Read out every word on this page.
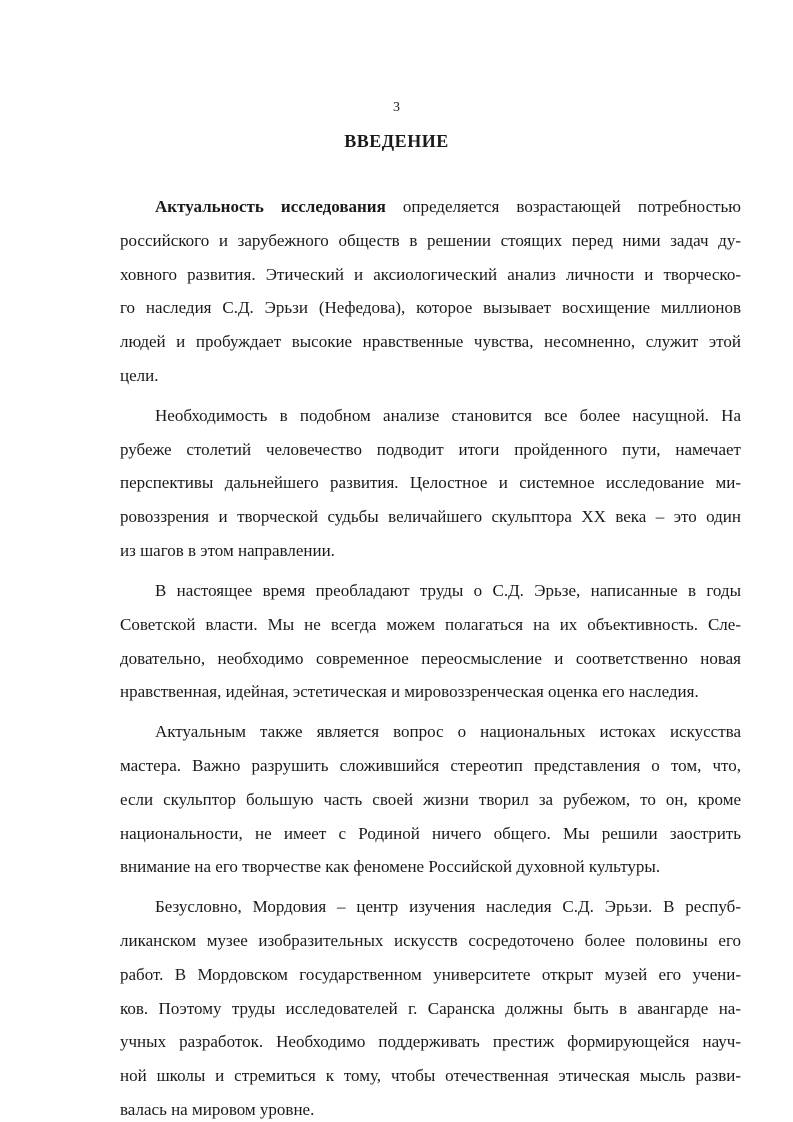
3
ВВЕДЕНИЕ
Актуальность исследования определяется возрастающей потребностью
российского и зарубежного обществ в решении стоящих перед ними задач ду-
ховного развития. Этический и аксиологический анализ личности и творческо-
го наследия С.Д. Эрьзи (Нефедова), которое вызывает восхищение миллионов
людей и пробуждает высокие нравственные чувства, несомненно, служит этой
цели.
Необходимость в подобном анализе становится все более насущной. На
рубеже столетий человечество подводит итоги пройденного пути, намечает
перспективы дальнейшего развития. Целостное и системное исследование ми-
ровоззрения и творческой судьбы величайшего скульптора XX века – это один
из шагов в этом направлении.
В настоящее время преобладают труды о С.Д. Эрьзе, написанные в годы
Советской власти. Мы не всегда можем полагаться на их объективность. Сле-
довательно, необходимо современное переосмысление и соответственно новая
нравственная, идейная, эстетическая и мировоззренческая оценка его наследия.
Актуальным также является вопрос о национальных истоках искусства
мастера. Важно разрушить сложившийся стереотип представления о том, что,
если скульптор большую часть своей жизни творил за рубежом, то он, кроме
национальности, не имеет с Родиной ничего общего. Мы решили заострить
внимание на его творчестве как феномене Российской духовной культуры.
Безусловно, Мордовия – центр изучения наследия С.Д. Эрьзи. В респуб-
ликанском музее изобразительных искусств сосредоточено более половины его
работ. В Мордовском государственном университете открыт музей его учени-
ков. Поэтому труды исследователей г. Саранска должны быть в авангарде на-
учных разработок. Необходимо поддерживать престиж формирующейся науч-
ной школы и стремиться к тому, чтобы отечественная этическая мысль разви-
валась на мировом уровне.
